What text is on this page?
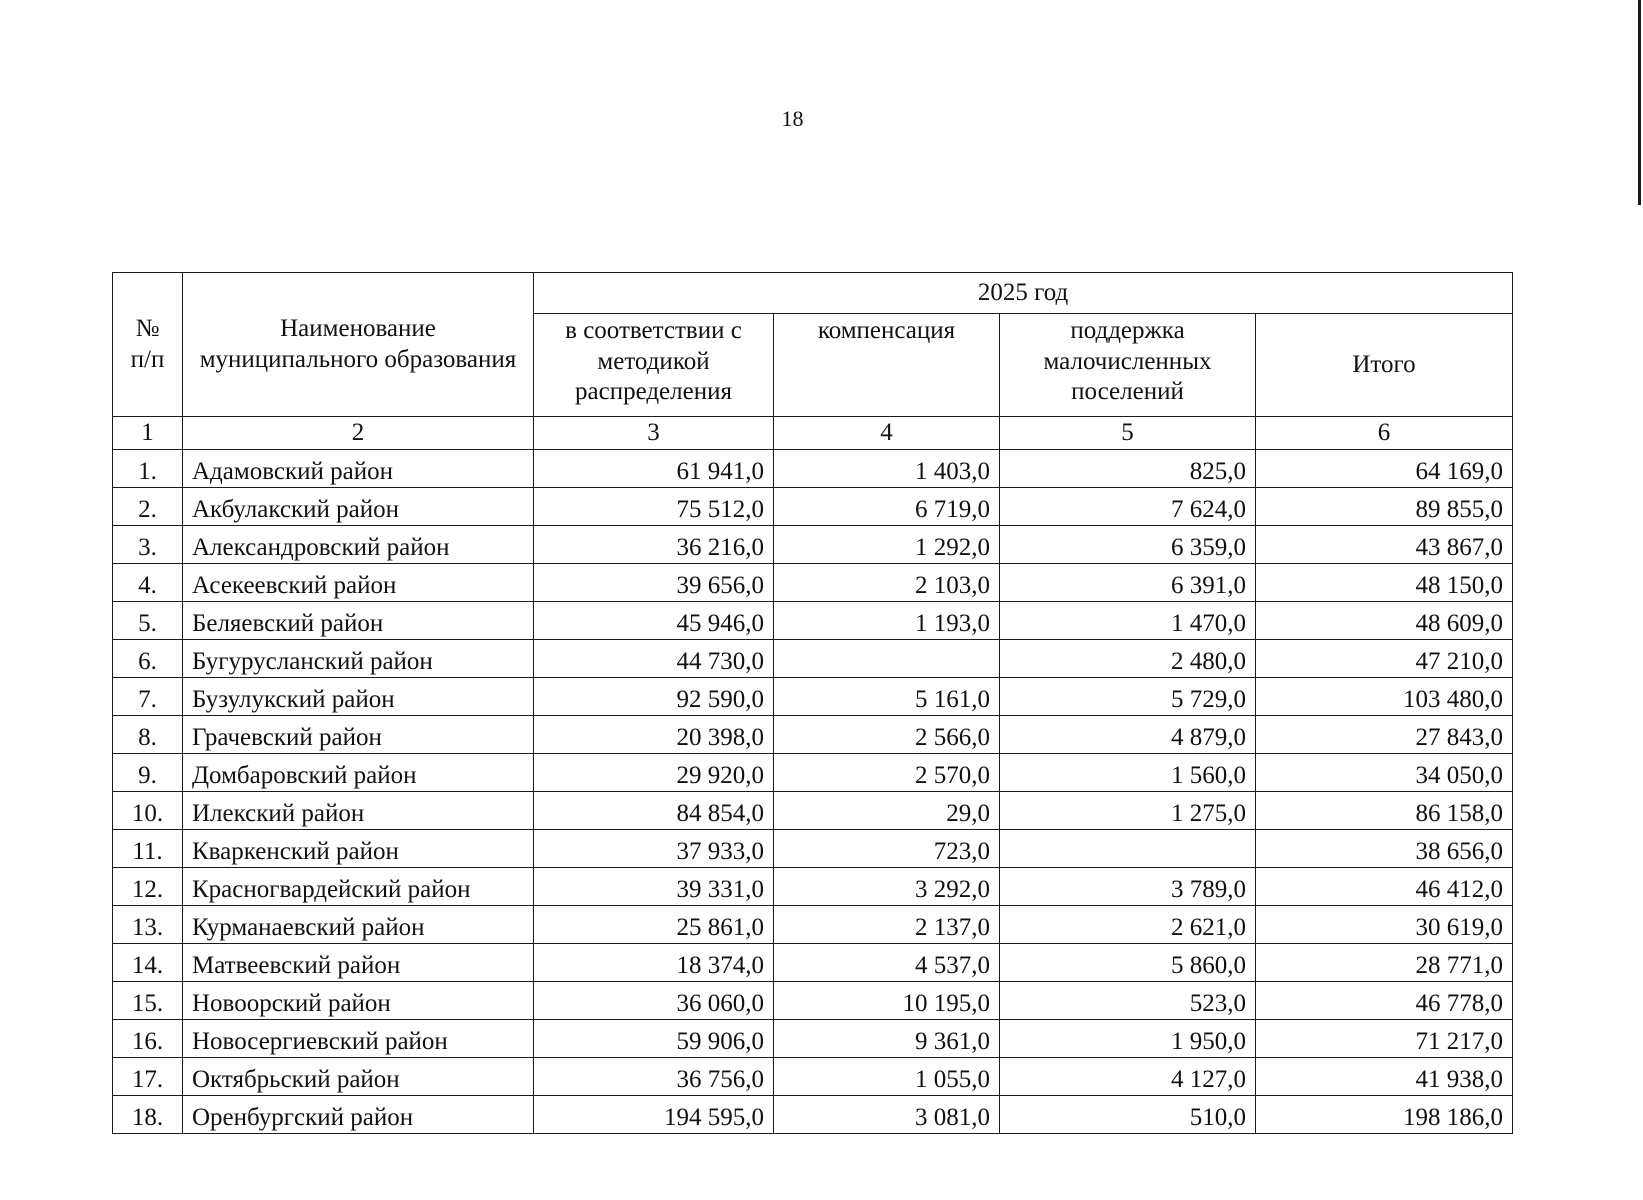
18
№
п/п	Наименование муниципального образования	2025 год			
		в соответствии с методикой распределения	компенсация	поддержка малочисленных поселений	Итого
1	2	3	4	5	6
1.	Адамовский район	61 941,0	1 403,0	825,0	64 169,0
2.	Акбулакский район	75 512,0	6 719,0	7 624,0	89 855,0
3.	Александровский район	36 216,0	1 292,0	6 359,0	43 867,0
4.	Асекеевский район	39 656,0	2 103,0	6 391,0	48 150,0
5.	Беляевский район	45 946,0	1 193,0	1 470,0	48 609,0
6.	Бугурусланский район	44 730,0		2 480,0	47 210,0
7.	Бузулукский район	92 590,0	5 161,0	5 729,0	103 480,0
8.	Грачевский район	20 398,0	2 566,0	4 879,0	27 843,0
9.	Домбаровский район	29 920,0	2 570,0	1 560,0	34 050,0
10.	Илекский район	84 854,0	29,0	1 275,0	86 158,0
11.	Кваркенский район	37 933,0	723,0		38 656,0
12.	Красногвардейский район	39 331,0	3 292,0	3 789,0	46 412,0
13.	Курманаевский район	25 861,0	2 137,0	2 621,0	30 619,0
14.	Матвеевский район	18 374,0	4 537,0	5 860,0	28 771,0
15.	Новоорский район	36 060,0	10 195,0	523,0	46 778,0
16.	Новосергиевский район	59 906,0	9 361,0	1 950,0	71 217,0
17.	Октябрьский район	36 756,0	1 055,0	4 127,0	41 938,0
18.	Оренбургский район	194 595,0	3 081,0	510,0	198 186,0
